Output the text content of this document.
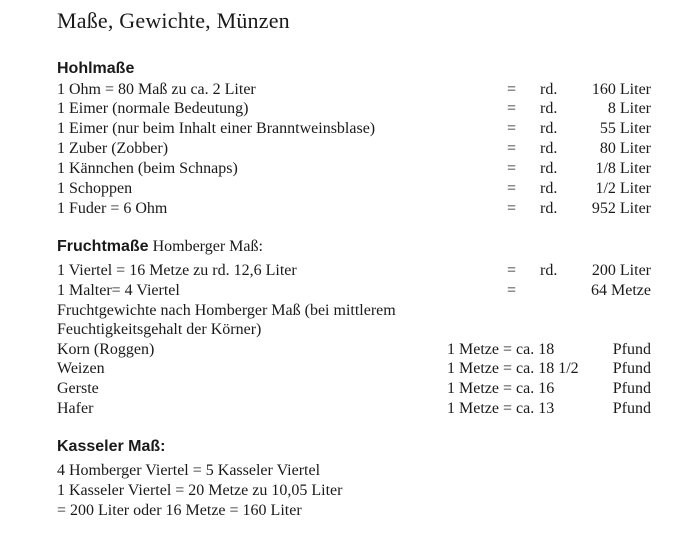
Maße, Gewichte, Münzen
Hohlmaße
1 Ohm = 80 Maß zu ca. 2 Liter	= rd. 160 Liter
1 Eimer (normale Bedeutung)	= rd.	8 Liter
1 Eimer (nur beim Inhalt einer Branntweinsblase)	= rd.	55 Liter
1 Zuber (Zobber)	= rd.	80 Liter
1 Kännchen (beim Schnaps)	= rd. 1/8 Liter
1 Schoppen	= rd. 1/2 Liter
1 Fuder = 6 Ohm	= rd. 952 Liter
Fruchtmaße Homberger Maß:
1 Viertel = 16 Metze zu rd. 12,6 Liter	= rd. 200 Liter
1 Malter= 4 Viertel	=	64 Metze
Fruchtgewichte nach Homberger Maß (bei mittlerem
Feuchtigkeitsgehalt der Körner)
Korn (Roggen)	1 Metze = ca. 18	Pfund
Weizen	1 Metze = ca. 18 1/2 Pfund
Gerste	1 Metze = ca. 16	Pfund
Hafer	1 Metze = ca. 13	Pfund
Kasseler Maß:
4 Homberger Viertel = 5 Kasseler Viertel
1 Kasseler Viertel = 20 Metze zu 10,05 Liter
= 200 Liter oder 16 Metze = 160 Liter
